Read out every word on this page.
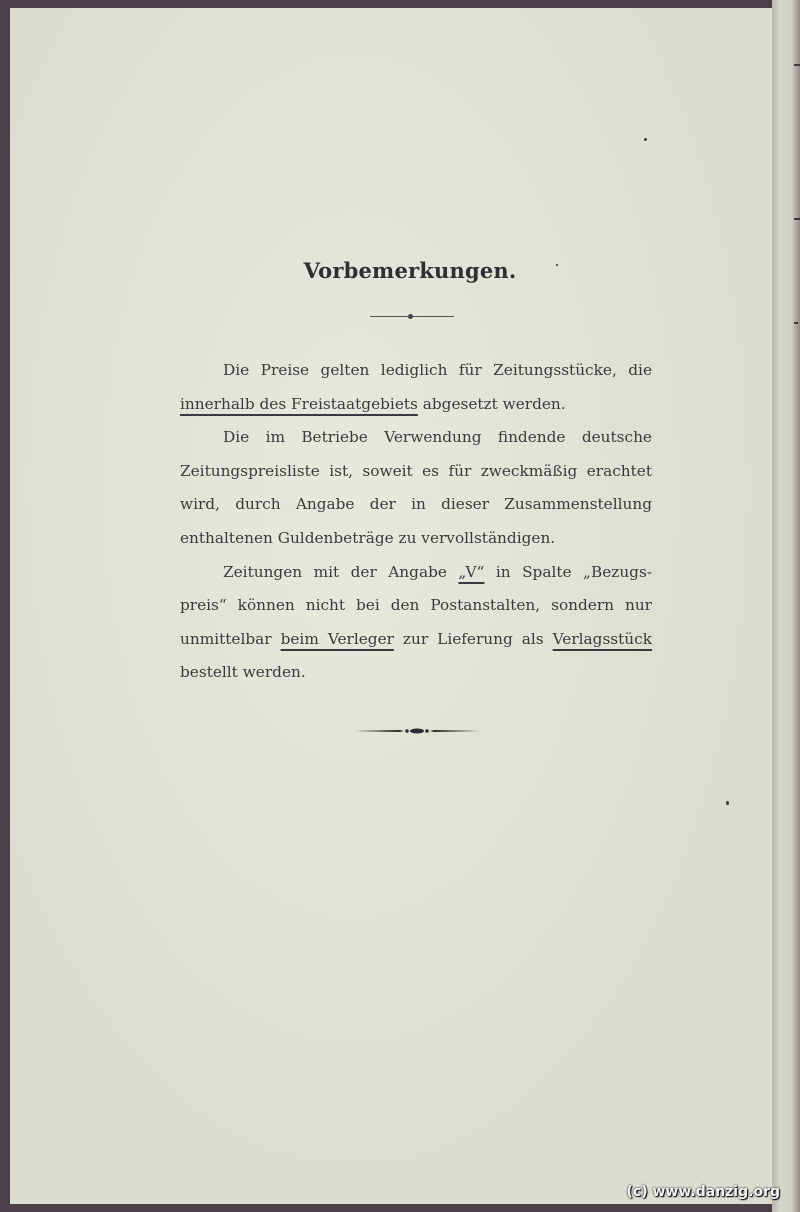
Vorbemerkungen.

Die Preise gelten lediglich für Zeitungsstücke, die innerhalb des Freistaatgebiets abgesetzt werden.

Die im Betriebe Verwendung findende deutsche Zeitungspreisliste ist, soweit es für zweckmäßig erachtet wird, durch Angabe der in dieser Zusammenstellung enthaltenen Guldenbeträge zu vervollständigen.

Zeitungen mit der Angabe „V“ in Spalte „Bezugs-preis“ können nicht bei den Postanstalten, sondern nur unmittelbar beim Verleger zur Lieferung als Verlagsstück bestellt werden.

(c) www.danzig.org
